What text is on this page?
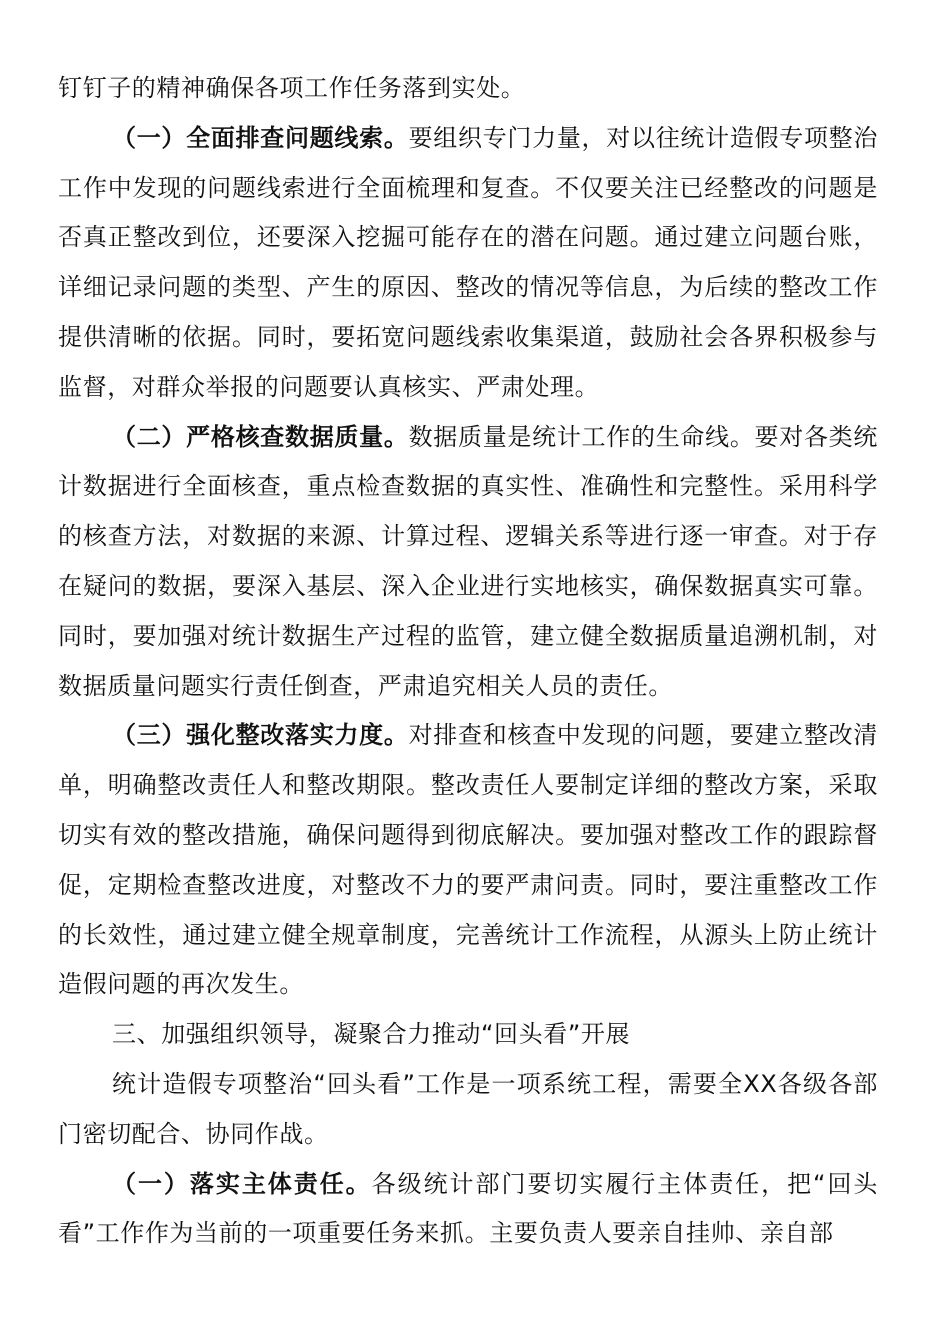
钉钉子的精神确保各项工作任务落到实处。

（一）全面排查问题线索。要组织专门力量，对以往统计造假专项整治工作中发现的问题线索进行全面梳理和复查。不仅要关注已经整改的问题是否真正整改到位，还要深入挖掘可能存在的潜在问题。通过建立问题台账，详细记录问题的类型、产生的原因、整改的情况等信息，为后续的整改工作提供清晰的依据。同时，要拓宽问题线索收集渠道，鼓励社会各界积极参与监督，对群众举报的问题要认真核实、严肃处理。

（二）严格核查数据质量。数据质量是统计工作的生命线。要对各类统计数据进行全面核查，重点检查数据的真实性、准确性和完整性。采用科学的核查方法，对数据的来源、计算过程、逻辑关系等进行逐一审查。对于存在疑问的数据，要深入基层、深入企业进行实地核实，确保数据真实可靠。同时，要加强对统计数据生产过程的监管，建立健全数据质量追溯机制，对数据质量问题实行责任倒查，严肃追究相关人员的责任。

（三）强化整改落实力度。对排查和核查中发现的问题，要建立整改清单，明确整改责任人和整改期限。整改责任人要制定详细的整改方案，采取切实有效的整改措施，确保问题得到彻底解决。要加强对整改工作的跟踪督促，定期检查整改进度，对整改不力的要严肃问责。同时，要注重整改工作的长效性，通过建立健全规章制度，完善统计工作流程，从源头上防止统计造假问题的再次发生。

三、加强组织领导，凝聚合力推动“回头看”开展

统计造假专项整治“回头看”工作是一项系统工程，需要全XX各级各部门密切配合、协同作战。

（一）落实主体责任。各级统计部门要切实履行主体责任，把“回头看”工作作为当前的一项重要任务来抓。主要负责人要亲自挂帅、亲自部
